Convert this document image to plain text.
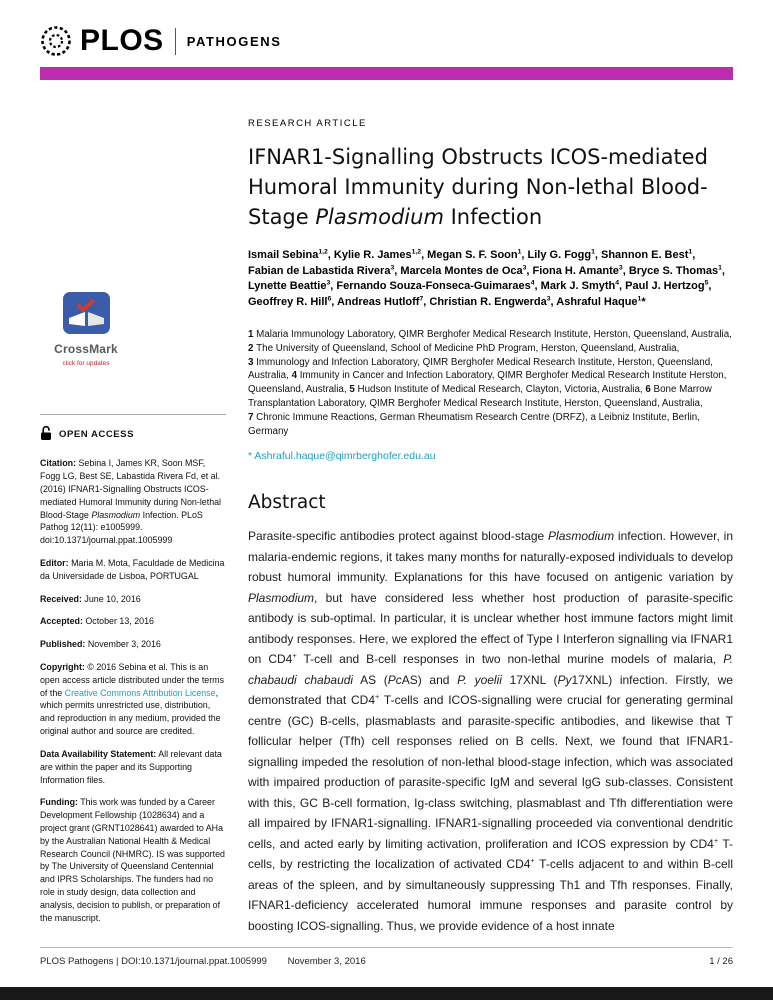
PLOS PATHOGENS
CrossMark
click for updates
OPEN ACCESS

Citation: Sebina I, James KR, Soon MSF, Fogg LG, Best SE, Labastida Rivera Fd, et al. (2016) IFNAR1-Signalling Obstructs ICOS-mediated Humoral Immunity during Non-lethal Blood-Stage Plasmodium Infection. PLoS Pathog 12(11): e1005999. doi:10.1371/journal.ppat.1005999

Editor: Maria M. Mota, Faculdade de Medicina da Universidade de Lisboa, PORTUGAL

Received: June 10, 2016

Accepted: October 13, 2016

Published: November 3, 2016

Copyright: © 2016 Sebina et al. This is an open access article distributed under the terms of the Creative Commons Attribution License, which permits unrestricted use, distribution, and reproduction in any medium, provided the original author and source are credited.

Data Availability Statement: All relevant data are within the paper and its Supporting Information files.

Funding: This work was funded by a Career Development Fellowship (1028634) and a project grant (GRNT1028641) awarded to AHa by the Australian National Health & Medical Research Council (NHMRC). IS was supported by The University of Queensland Centennial and IPRS Scholarships. The funders had no role in study design, data collection and analysis, decision to publish, or preparation of the manuscript.

RESEARCH ARTICLE
IFNAR1-Signalling Obstructs ICOS-mediated Humoral Immunity during Non-lethal Blood-Stage Plasmodium Infection

Ismail Sebina$^{1,2}$, Kylie R. James$^{1,2}$, Megan S. F. Soon$^1$, Lily G. Fogg$^1$, Shannon E. Best$^1$, Fabian de Labastida Rivera$^3$, Marcela Montes de Oca$^3$, Fiona H. Amante$^3$, Bryce S. Thomas$^1$, Lynette Beattie$^3$, Fernando Souza-Fonseca-Guimaraes$^4$, Mark J. Smyth$^4$, Paul J. Hertzog$^5$, Geoffrey R. Hill$^6$, Andreas Hutloff$^7$, Christian R. Engwerda$^3$, Ashraful Haque$^1$*

1 Malaria Immunology Laboratory, QIMR Berghofer Medical Research Institute, Herston, Queensland, Australia, 2 The University of Queensland, School of Medicine PhD Program, Herston, Queensland, Australia, 3 Immunology and Infection Laboratory, QIMR Berghofer Medical Research Institute, Herston, Queensland, Australia, 4 Immunity in Cancer and Infection Laboratory, QIMR Berghofer Medical Research Institute Herston, Queensland, Australia, 5 Hudson Institute of Medical Research, Clayton, Victoria, Australia, 6 Bone Marrow Transplantation Laboratory, QIMR Berghofer Medical Research Institute, Herston, Queensland, Australia, 7 Chronic Immune Reactions, German Rheumatism Research Centre (DRFZ), a Leibniz Institute, Berlin, Germany

* Ashraful.haque@qimrberghofer.edu.au

Abstract

Parasite-specific antibodies protect against blood-stage Plasmodium infection. However, in malaria-endemic regions, it takes many months for naturally-exposed individuals to develop robust humoral immunity. Explanations for this have focused on antigenic variation by Plasmodium, but have considered less whether host production of parasite-specific antibody is sub-optimal. In particular, it is unclear whether host immune factors might limit antibody responses. Here, we explored the effect of Type I Interferon signalling via IFNAR1 on CD4+ T-cell and B-cell responses in two non-lethal murine models of malaria, P. chabaudi chabaudi AS (PcAS) and P. yoelii 17XNL (Py17XNL) infection. Firstly, we demonstrated that CD4+ T-cells and ICOS-signalling were crucial for generating germinal centre (GC) B-cells, plasmablasts and parasite-specific antibodies, and likewise that T follicular helper (Tfh) cell responses relied on B cells. Next, we found that IFNAR1-signalling impeded the resolution of non-lethal blood-stage infection, which was associated with impaired production of parasite-specific IgM and several IgG sub-classes. Consistent with this, GC B-cell formation, Ig-class switching, plasmablast and Tfh differentiation were all impaired by IFNAR1-signalling. IFNAR1-signalling proceeded via conventional dendritic cells, and acted early by limiting activation, proliferation and ICOS expression by CD4+ T-cells, by restricting the localization of activated CD4+ T-cells adjacent to and within B-cell areas of the spleen, and by simultaneously suppressing Th1 and Tfh responses. Finally, IFNAR1-deficiency accelerated humoral immune responses and parasite control by boosting ICOS-signalling. Thus, we provide evidence of a host innate

PLOS Pathogens | DOI:10.1371/journal.ppat.1005999 November 3, 2016	1 / 26
